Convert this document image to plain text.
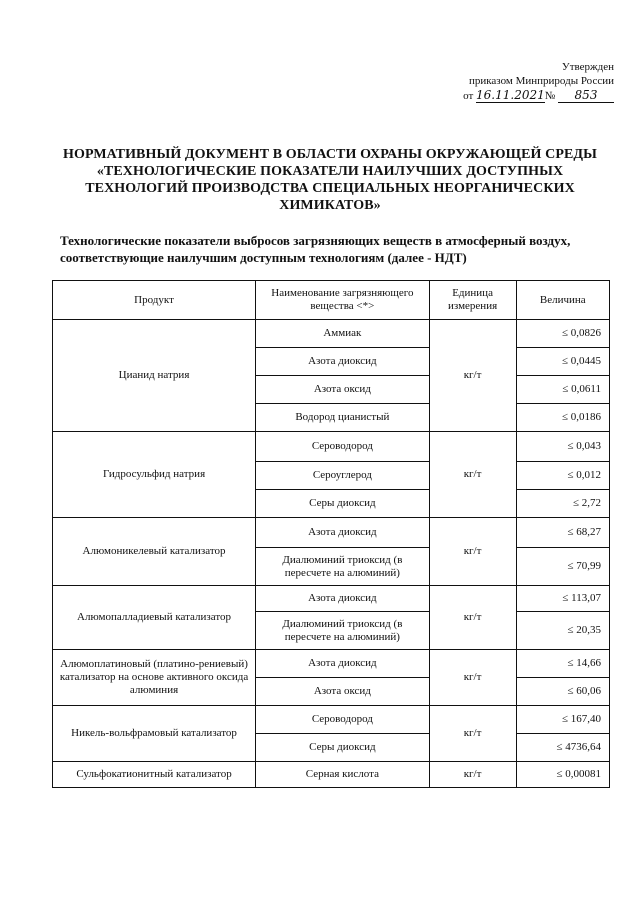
Утвержден
приказом Минприроды России
от 16.11.2021№ 853
НОРМАТИВНЫЙ ДОКУМЕНТ В ОБЛАСТИ ОХРАНЫ ОКРУЖАЮЩЕЙ СРЕДЫ «ТЕХНОЛОГИЧЕСКИЕ ПОКАЗАТЕЛИ НАИЛУЧШИХ ДОСТУПНЫХ ТЕХНОЛОГИЙ ПРОИЗВОДСТВА СПЕЦИАЛЬНЫХ НЕОРГАНИЧЕСКИХ ХИМИКАТОВ»
Технологические показатели выбросов загрязняющих веществ в атмосферный воздух, соответствующие наилучшим доступным технологиям (далее - НДТ)
Продукт	Наименование загрязняющего вещества <*>	Единица измерения	Величина
Цианид натрия	Аммиак	кг/т	≤ 0,0826
	Азота диоксид		≤ 0,0445
	Азота оксид		≤ 0,0611
	Водород цианистый		≤ 0,0186
Гидросульфид натрия	Сероводород	кг/т	≤ 0,043
	Сероуглерод		≤ 0,012
	Серы диоксид		≤ 2,72
Алюмоникелевый катализатор	Азота диоксид	кг/т	≤ 68,27
	Диалюминий триоксид (в пересчете на алюминий)		≤ 70,99
Алюмопалладиевый катализатор	Азота диоксид	кг/т	≤ 113,07
	Диалюминий триоксид (в пересчете на алюминий)		≤ 20,35
Алюмоплатиновый (платино-рениевый) катализатор на основе активного оксида алюминия	Азота диоксид	кг/т	≤ 14,66
	Азота оксид		≤ 60,06
Никель-вольфрамовый катализатор	Сероводород	кг/т	≤ 167,40
	Серы диоксид		≤ 4736,64
Сульфокатионитный катализатор	Серная кислота	кг/т	≤ 0,00081
